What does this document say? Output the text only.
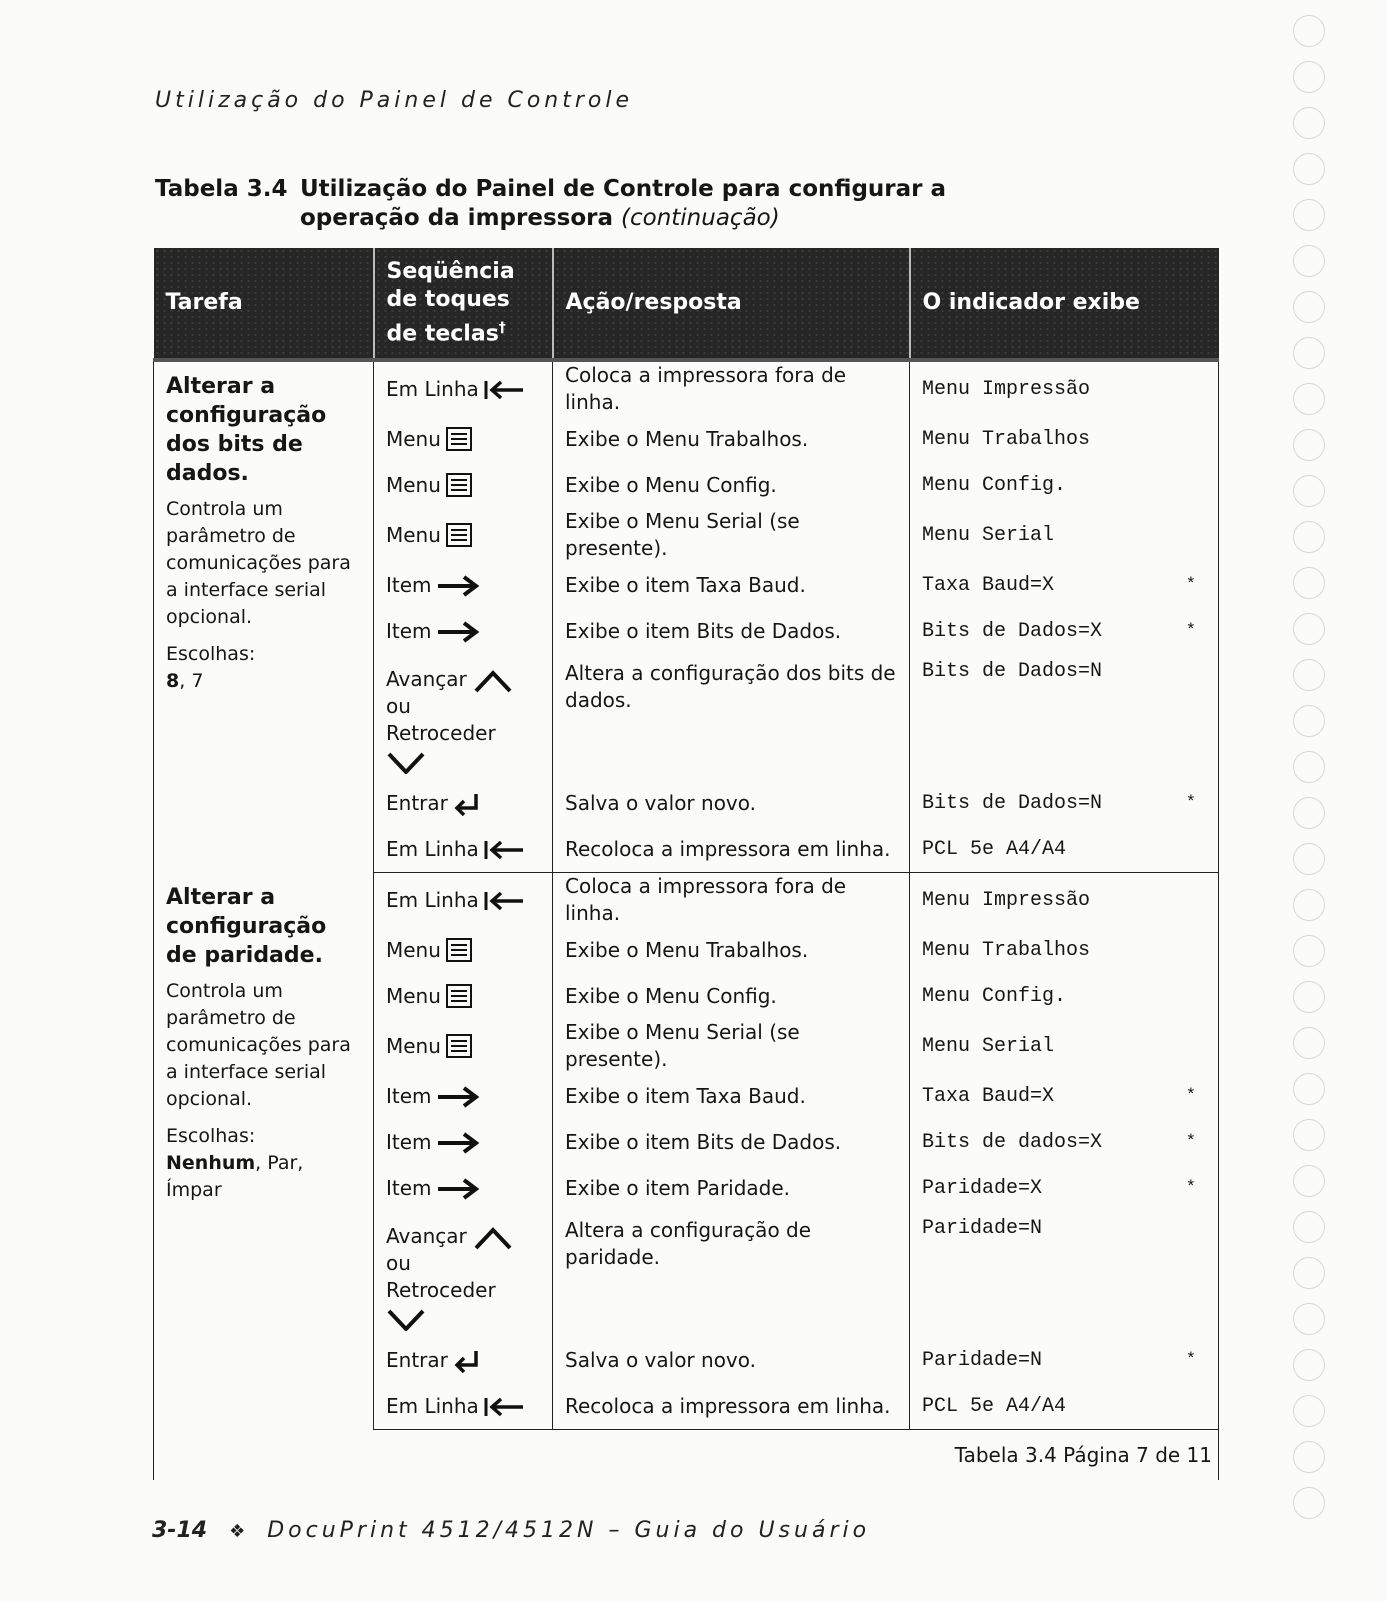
Utilização do Painel de Controle
Tabela 3.4 Utilização do Painel de Controle para configurar a operação da impressora (continuação)
Tarefa	Seqüência de toques de teclas†	Ação/resposta	O indicador exibe

Alterar a configuração dos bits de dados.
Controla um parâmetro de comunicações para a interface serial opcional.
Escolhas:
8, 7	Em Linha	Coloca a impressora fora de linha.	Menu Impressão

	Menu	Exibe o Menu Trabalhos.	Menu Trabalhos

	Menu	Exibe o Menu Config.	Menu Config.

	Menu	Exibe o Menu Serial (se presente).	Menu Serial

	Item	Exibe o item Taxa Baud.	Taxa Baud=X *

	Item	Exibe o item Bits de Dados.	Bits de Dados=X *

	Avançar
ou
Retroceder	Altera a configuração dos bits de dados.	Bits de Dados=N

	Entrar	Salva o valor novo.	Bits de Dados=N *

	Em Linha	Recoloca a impressora em linha.	PCL 5e A4/A4

Alterar a configuração de paridade.
Controla um parâmetro de comunicações para a interface serial opcional.
Escolhas:
Nenhum, Par, Ímpar	Em Linha	Coloca a impressora fora de linha.	Menu Impressão

	Menu	Exibe o Menu Trabalhos.	Menu Trabalhos

	Menu	Exibe o Menu Config.	Menu Config.

	Menu	Exibe o Menu Serial (se presente).	Menu Serial

	Item	Exibe o item Taxa Baud.	Taxa Baud=X *

	Item	Exibe o item Bits de Dados.	Bits de dados=X *

	Item	Exibe o item Paridade.	Paridade=X *

	Avançar
ou
Retroceder	Altera a configuração de paridade.	Paridade=N

	Entrar	Salva o valor novo.	Paridade=N *

	Em Linha	Recoloca a impressora em linha.	PCL 5e A4/A4
Tabela 3.4 Página 7 de 11			
3-14 ❖ DocuPrint 4512/4512N – Guia do Usuário
